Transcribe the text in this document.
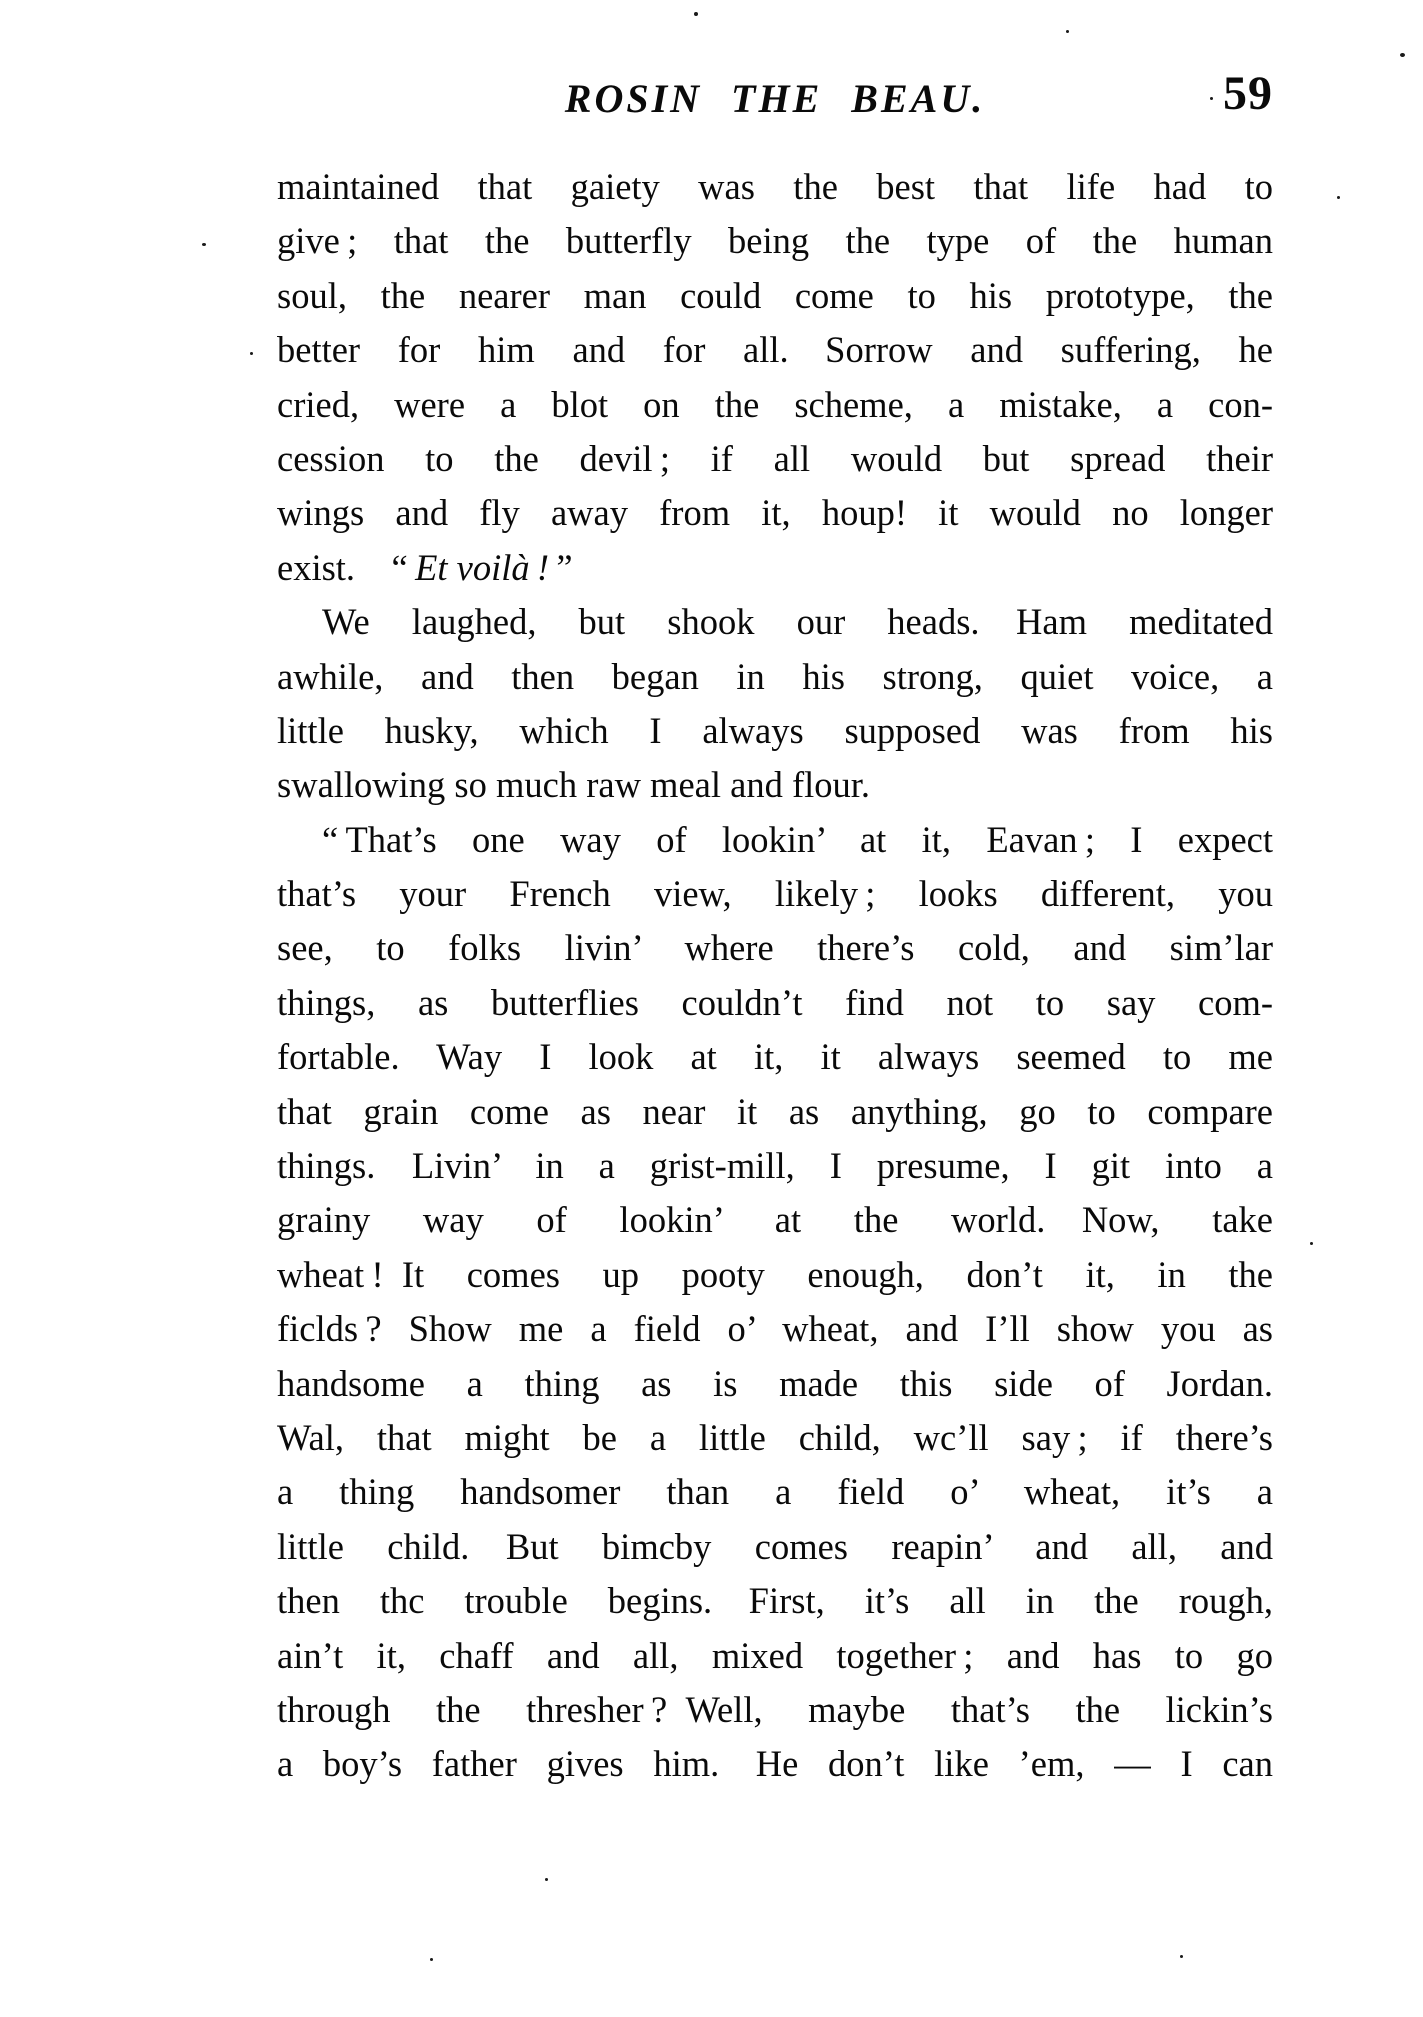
ROSIN THE BEAU.	59
maintained that gaiety was the best that life had to
give ; that the butterfly being the type of the human
soul, the nearer man could come to his prototype, the
better for him and for all. Sorrow and suffering, he
cried, were a blot on the scheme, a mistake, a con-
cession to the devil ; if all would but spread their
wings and fly away from it, houp! it would no longer
exist. “ Et voilà ! ”
We laughed, but shook our heads. Ham meditated
awhile, and then began in his strong, quiet voice, a
little husky, which I always supposed was from his
swallowing so much raw meal and flour.
“ That’s one way of lookin’ at it, Eavan ; I expect
that’s your French view, likely ; looks different, you
see, to folks livin’ where there’s cold, and sim’lar
things, as butterflies couldn’t find not to say com-
fortable. Way I look at it, it always seemed to me
that grain come as near it as anything, go to compare
things. Livin’ in a grist-mill, I presume, I git into a
grainy way of lookin’ at the world. Now, take
wheat ! It comes up pooty enough, don’t it, in the
ficlds ? Show me a field o’ wheat, and I’ll show you as
handsome a thing as is made this side of Jordan.
Wal, that might be a little child, wc’ll say ; if there’s
a thing handsomer than a field o’ wheat, it’s a
little child. But bimcby comes reapin’ and all, and
then thc trouble begins. First, it’s all in the rough,
ain’t it, chaff and all, mixed together ; and has to go
through the thresher ? Well, maybe that’s the lickin’s
a boy’s father gives him. He don’t like ’em, — I can
